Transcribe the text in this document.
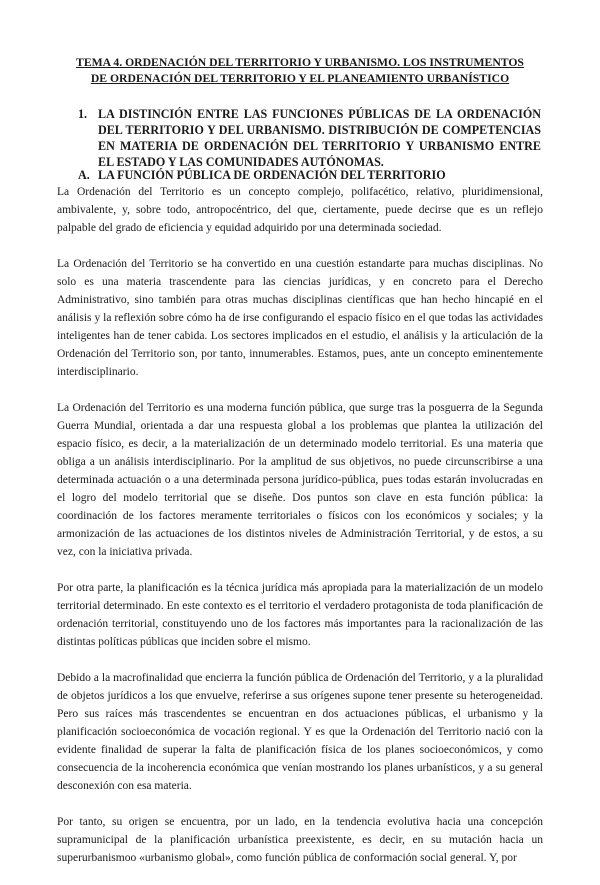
TEMA 4. ORDENACIÓN DEL TERRITORIO Y URBANISMO. LOS INSTRUMENTOS
DE ORDENACIÓN DEL TERRITORIO Y EL PLANEAMIENTO URBANÍSTICO
1. LA DISTINCIÓN ENTRE LAS FUNCIONES PÚBLICAS DE LA ORDENACIÓN DEL TERRITORIO Y DEL URBANISMO. DISTRIBUCIÓN DE COMPETENCIAS EN MATERIA DE ORDENACIÓN DEL TERRITORIO Y URBANISMO ENTRE EL ESTADO Y LAS COMUNIDADES AUTÓNOMAS.
A. LA FUNCIÓN PÚBLICA DE ORDENACIÓN DEL TERRITORIO

La Ordenación del Territorio es un concepto complejo, polifacético, relativo, pluridimensional, ambivalente, y, sobre todo, antropocéntrico, del que, ciertamente, puede decirse que es un reflejo palpable del grado de eficiencia y equidad adquirido por una determinada sociedad.

La Ordenación del Territorio se ha convertido en una cuestión estandarte para muchas disciplinas. No solo es una materia trascendente para las ciencias jurídicas, y en concreto para el Derecho Administrativo, sino también para otras muchas disciplinas científicas que han hecho hincapié en el análisis y la reflexión sobre cómo ha de irse configurando el espacio físico en el que todas las actividades inteligentes han de tener cabida. Los sectores implicados en el estudio, el análisis y la articulación de la Ordenación del Territorio son, por tanto, innumerables. Estamos, pues, ante un concepto eminentemente interdisciplinario.

La Ordenación del Territorio es una moderna función pública, que surge tras la posguerra de la Segunda Guerra Mundial, orientada a dar una respuesta global a los problemas que plantea la utilización del espacio físico, es decir, a la materialización de un determinado modelo territorial. Es una materia que obliga a un análisis interdisciplinario. Por la amplitud de sus objetivos, no puede circunscribirse a una determinada actuación o a una determinada persona jurídico-pública, pues todas estarán involucradas en el logro del modelo territorial que se diseñe. Dos puntos son clave en esta función pública: la coordinación de los factores meramente territoriales o físicos con los económicos y sociales; y la armonización de las actuaciones de los distintos niveles de Administración Territorial, y de estos, a su vez, con la iniciativa privada.

Por otra parte, la planificación es la técnica jurídica más apropiada para la materialización de un modelo territorial determinado. En este contexto es el territorio el verdadero protagonista de toda planificación de ordenación territorial, constituyendo uno de los factores más importantes para la racionalización de las distintas políticas públicas que inciden sobre el mismo.

Debido a la macrofinalidad que encierra la función pública de Ordenación del Territorio, y a la pluralidad de objetos jurídicos a los que envuelve, referirse a sus orígenes supone tener presente su heterogeneidad. Pero sus raíces más trascendentes se encuentran en dos actuaciones públicas, el urbanismo y la planificación socioeconómica de vocación regional. Y es que la Ordenación del Territorio nació con la evidente finalidad de superar la falta de planificación física de los planes socioeconómicos, y como consecuencia de la incoherencia económica que venían mostrando los planes urbanísticos, y a su general desconexión con esa materia.

Por tanto, su origen se encuentra, por un lado, en la tendencia evolutiva hacia una concepción supramunicipal de la planificación urbanística preexistente, es decir, en su mutación hacia un superurbanismoo «urbanismo global», como función pública de conformación social general. Y, por
